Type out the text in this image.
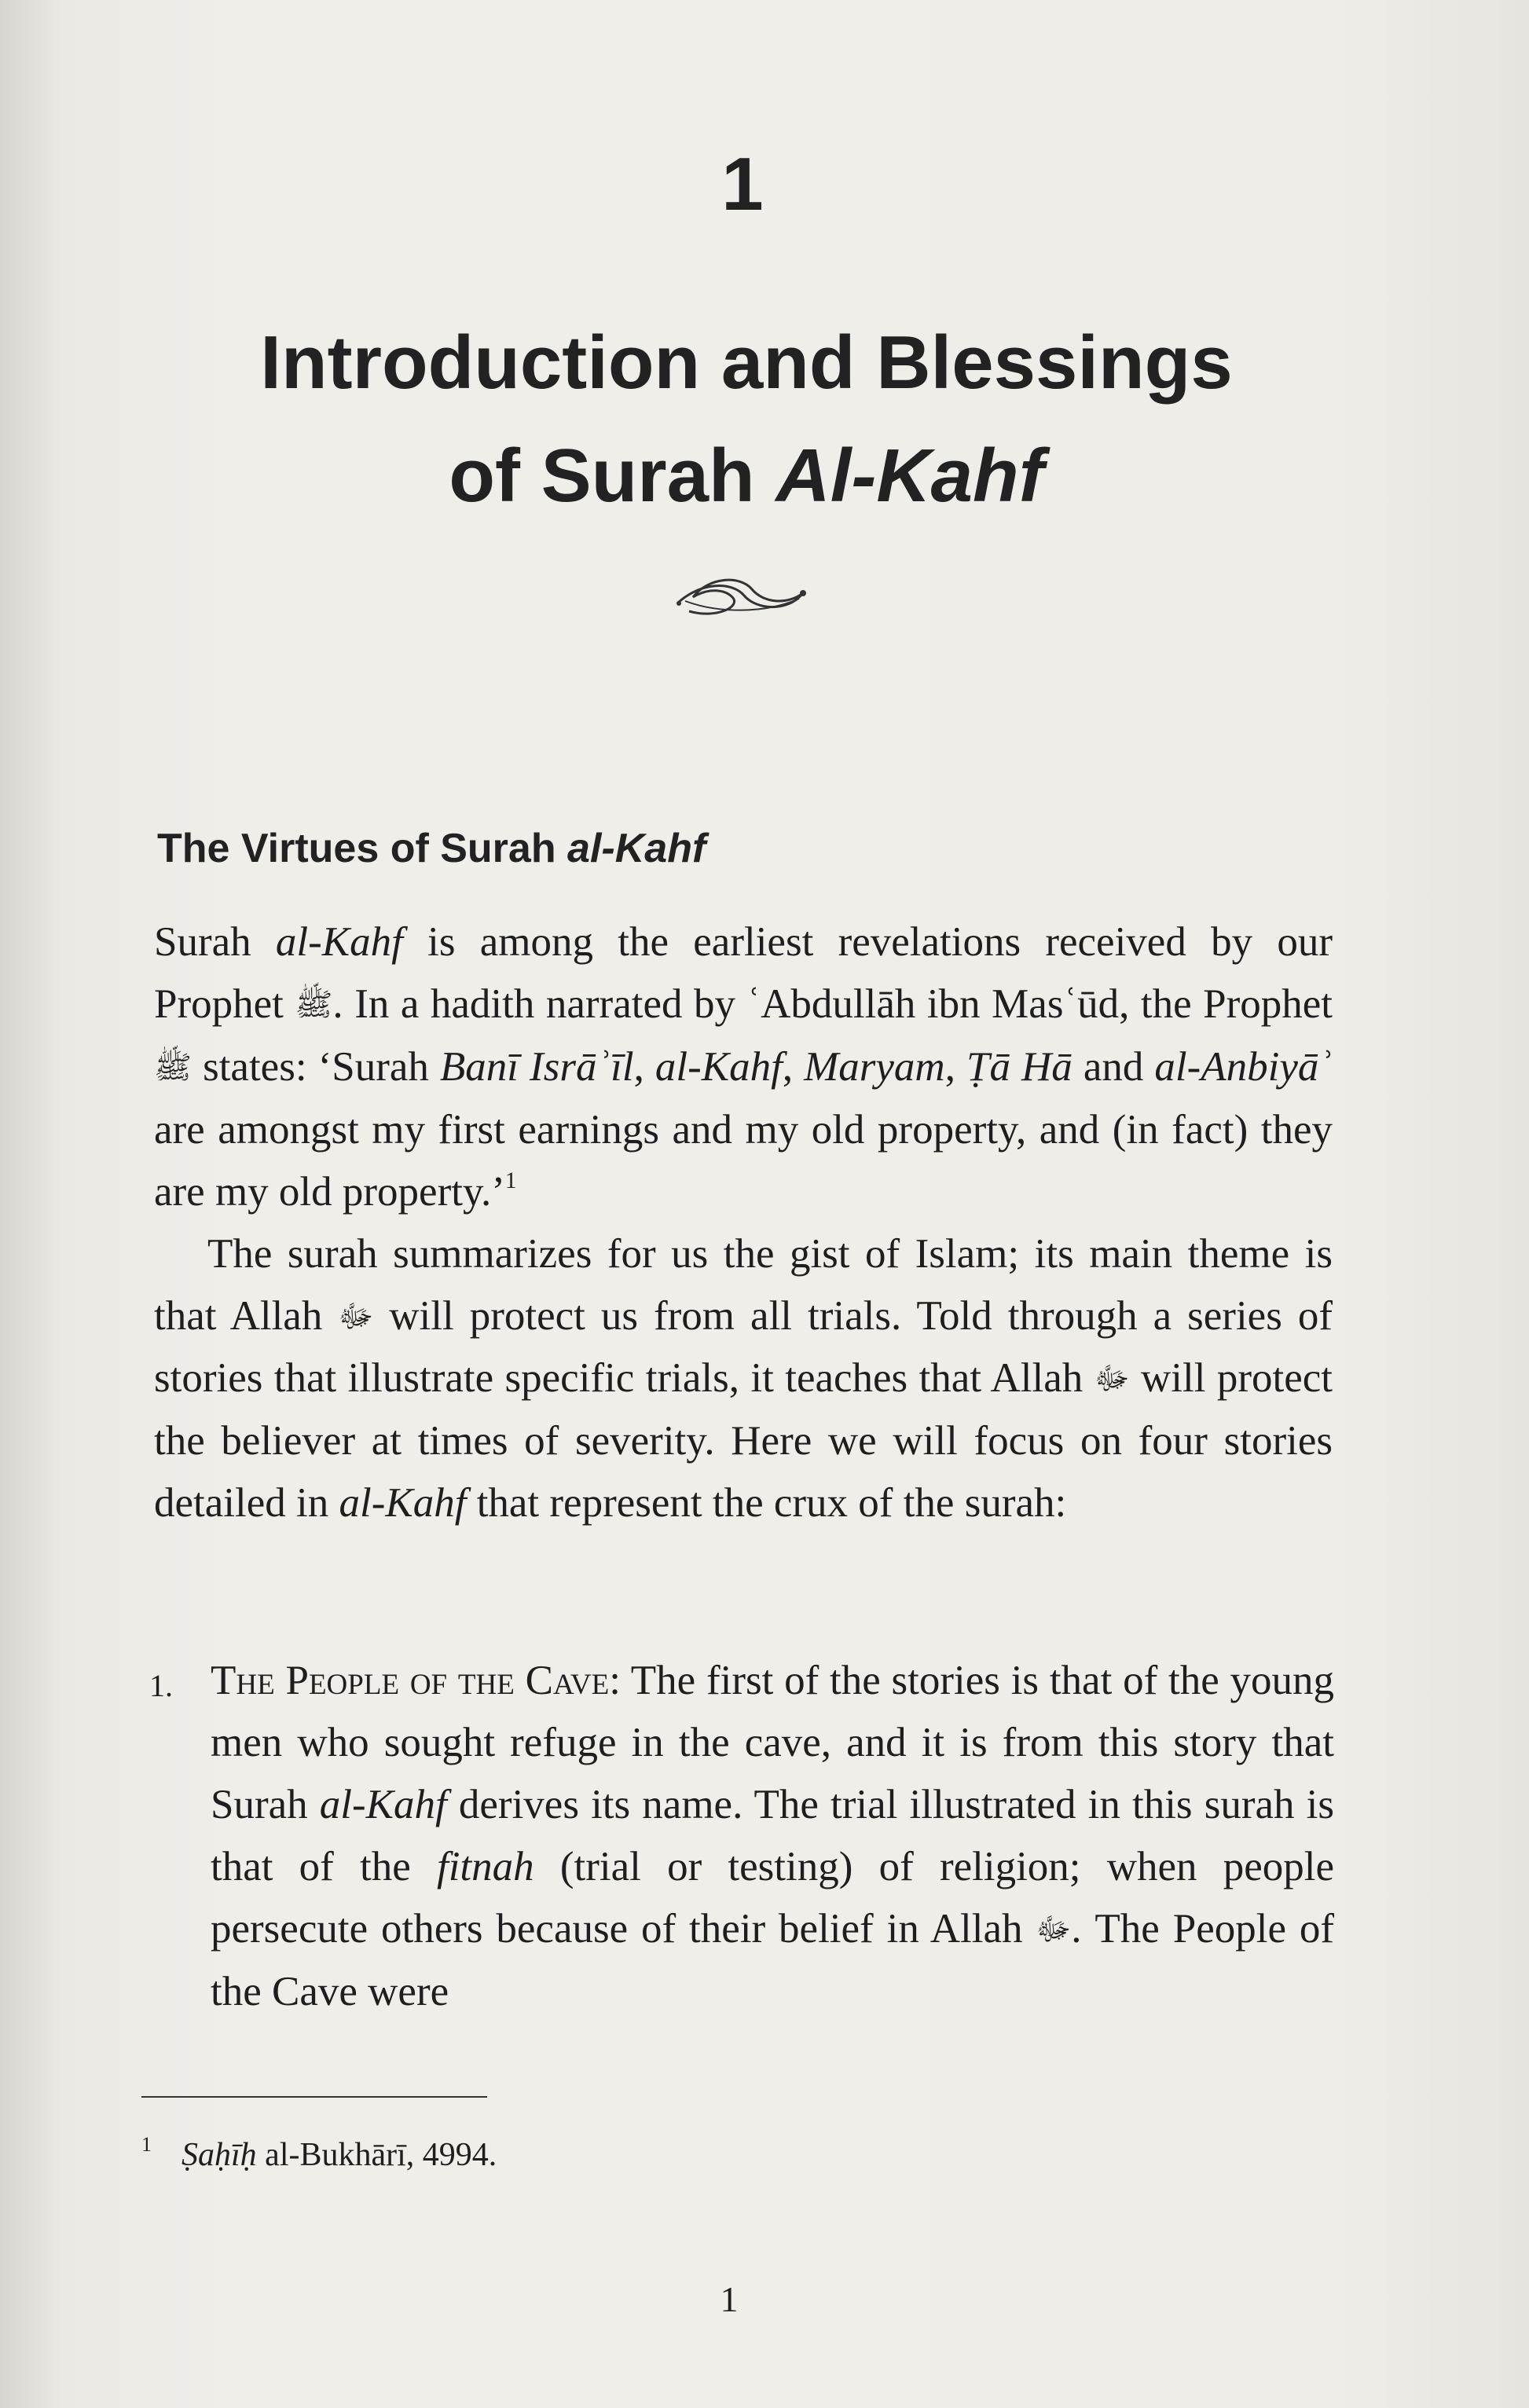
1
Introduction and Blessings
of Surah Al-Kahf
The Virtues of Surah al-Kahf

Surah al-Kahf is among the earliest revelations received by our Prophet ﷺ. In a hadith narrated by ʿAbdullāh ibn Masʿūd, the Prophet ﷺ states: ‘Surah Banī Isrāʾīl, al-Kahf, Maryam, Ṭā Hā and al-Anbiyāʾ are amongst my first earnings and my old property, and (in fact) they are my old property.’$^1$

The surah summarizes for us the gist of Islam; its main theme is that Allah ﷻ will protect us from all trials. Told through a series of stories that illustrate specific trials, it teaches that Allah ﷻ will protect the believer at times of severity. Here we will focus on four stories detailed in al-Kahf that represent the crux of the surah:

1. The People of the Cave: The first of the stories is that of the young men who sought refuge in the cave, and it is from this story that Surah al-Kahf derives its name. The trial illustrated in this surah is that of the fitnah (trial or testing) of religion; when people persecute others because of their belief in Allah ﷻ. The People of the Cave were
$^1$ Ṣaḥīḥ al-Bukhārī, 4994.
1
